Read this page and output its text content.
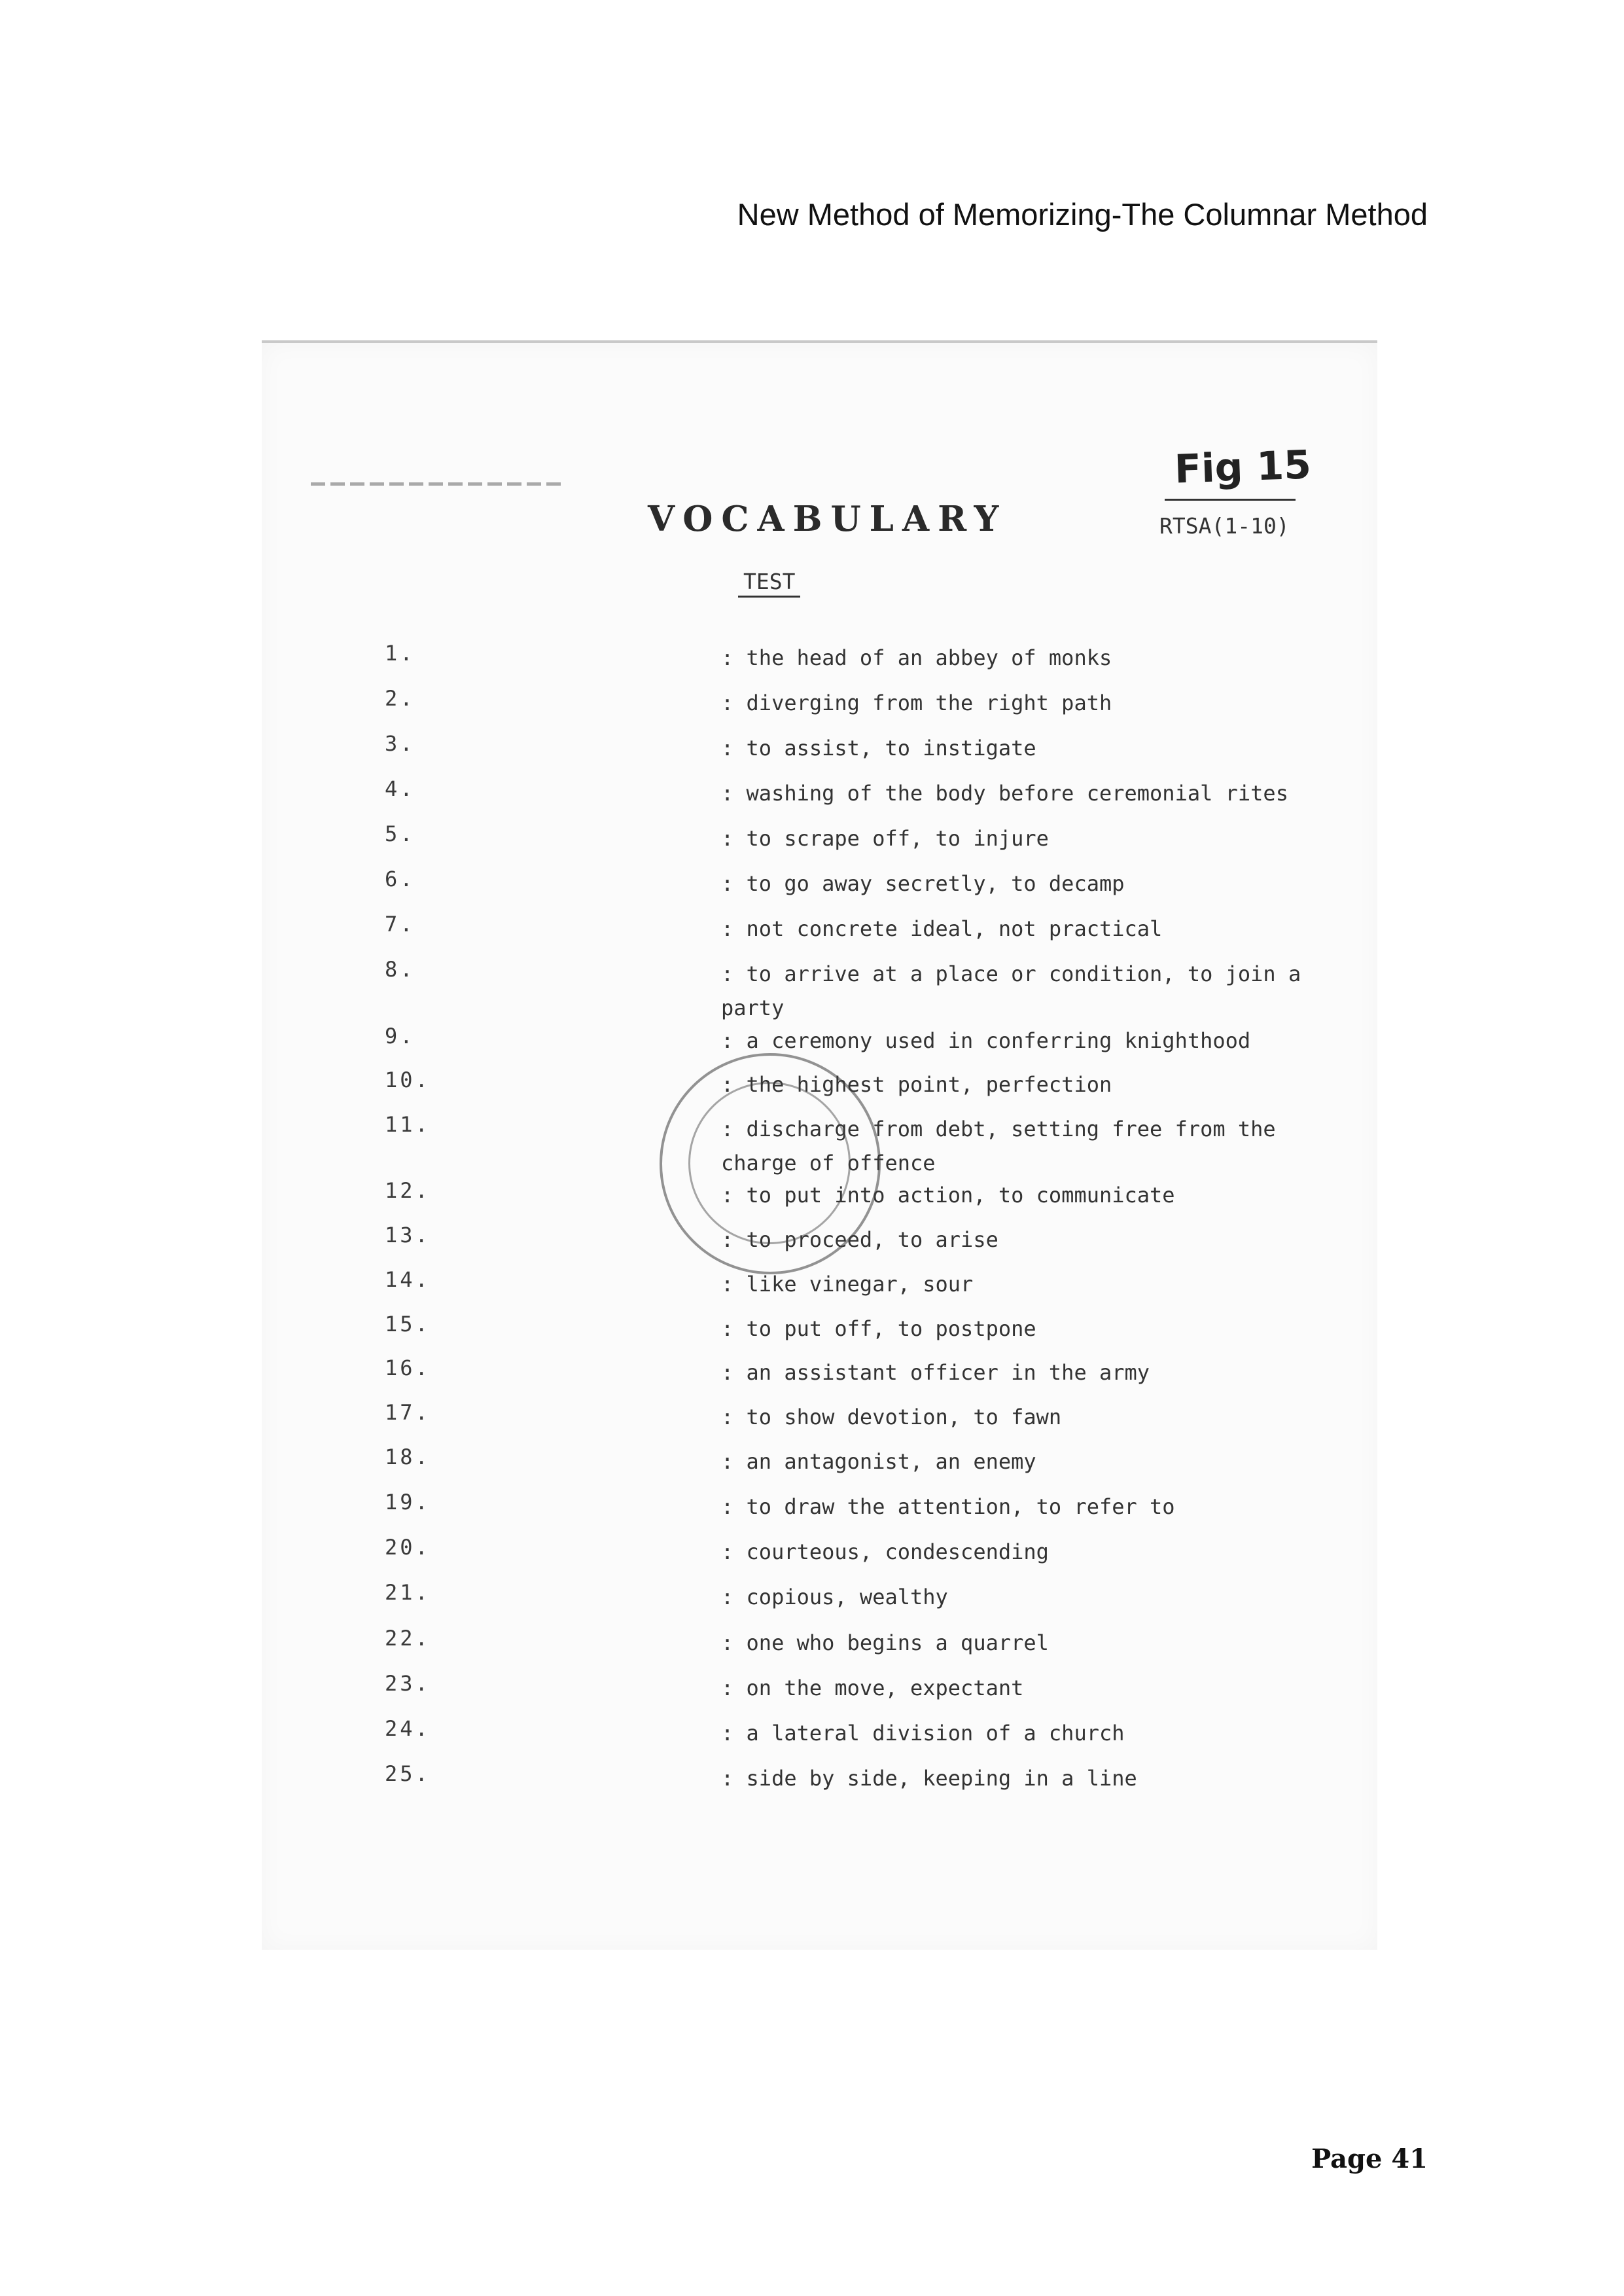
New Method of Memorizing-The Columnar Method
Fig 15
RTSA(1-10)
VOCABULARY
TEST
1.	: the head of an abbey of monks
2.	: diverging from the right path
3.	: to assist, to instigate
4.	: washing of the body before ceremonial rites
5.	: to scrape off, to injure
6.	: to go away secretly, to decamp
7.	: not concrete ideal, not practical
8.	: to arrive at a place or condition, to join a party
9.	: a ceremony used in conferring knighthood
10.	: the highest point, perfection
11.	: discharge from debt, setting free from the charge of offence
12.	: to put into action, to communicate
13.	: to proceed, to arise
14.	: like vinegar, sour
15.	: to put off, to postpone
16.	: an assistant officer in the army
17.	: to show devotion, to fawn
18.	: an antagonist, an enemy
19.	: to draw the attention, to refer to
20.	: courteous, condescending
21.	: copious, wealthy
22.	: one who begins a quarrel
23.	: on the move, expectant
24.	: a lateral division of a church
25.	: side by side, keeping in a line
Page 41
